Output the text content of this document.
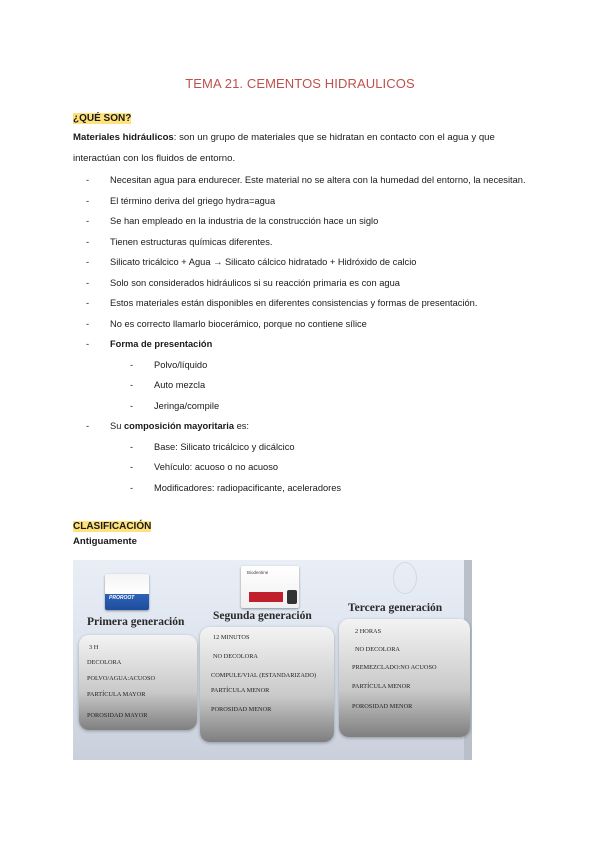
TEMA 21. CEMENTOS HIDRAULICOS
¿QUÉ SON?
Materiales hidráulicos: son un grupo de materiales que se hidratan en contacto con el agua y que interactúan con los fluidos de entorno.
- Necesitan agua para endurecer. Este material no se altera con la humedad del entorno, la necesitan.
- El término deriva del griego hydra=agua
- Se han empleado en la industria de la construcción hace un siglo
- Tienen estructuras químicas diferentes.
- Silicato tricálcico + Agua → Silicato cálcico hidratado + Hidróxido de calcio
- Solo son considerados hidráulicos si su reacción primaria es con agua
- Estos materiales están disponibles en diferentes consistencias y formas de presentación.
- No es correcto llamarlo biocerámico, porque no contiene sílice
- Forma de presentación
- Polvo/líquido
- Auto mezcla
- Jeringa/compile
- Su composición mayoritaria es:
- Base: Silicato tricálcico y dicálcico
- Vehículo: acuoso o no acuoso
- Modificadores: radiopacificante, aceleradores
CLASIFICACIÓN
Antiguamente
PROROOT
Biodentine
Primera generación
3 H
DECOLORA
POLVO/AGUA:ACUOSO
PARTÍCULA MAYOR
POROSIDAD MAYOR
Segunda generación
12 MINUTOS
NO DECOLORA
COMPULE/VIAL (ESTANDARIZADO)
PARTÍCULA MENOR
POROSIDAD MENOR
Tercera generación
2 HORAS
NO DECOLORA
PREMEZCLADO:NO ACUOSO
PARTÍCULA MENOR
POROSIDAD MENOR
